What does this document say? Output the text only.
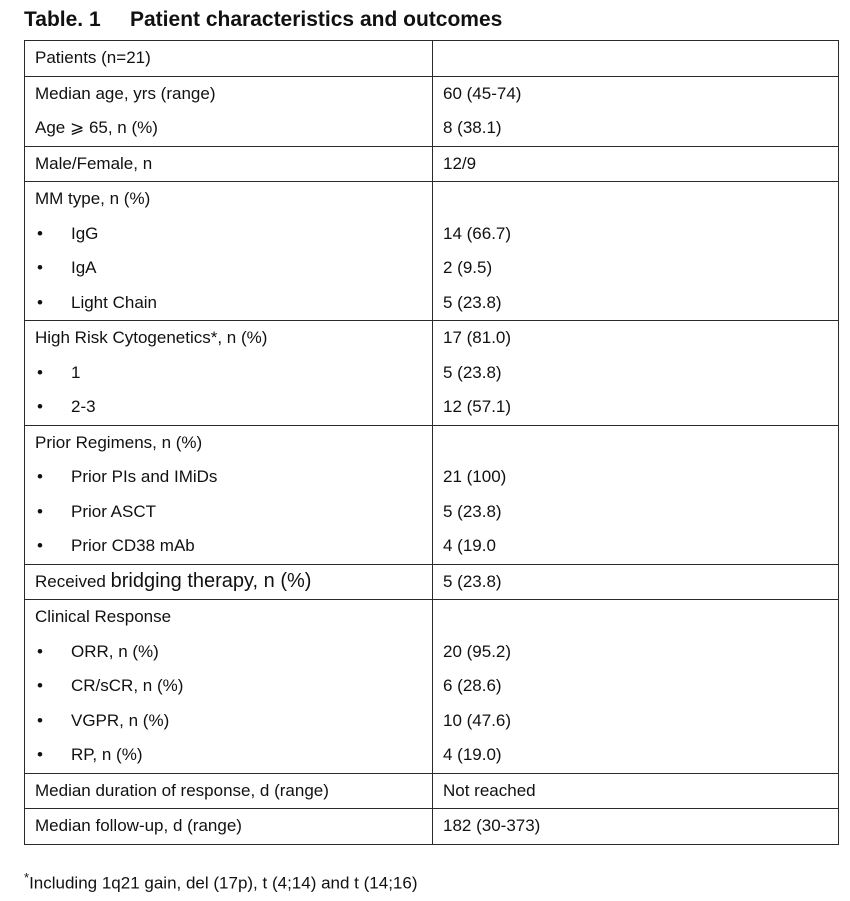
Table. 1 Patient characteristics and outcomes
Patients (n=21)	
Median age, yrs (range)	60 (45-74)
Age ⩾ 65, n (%)	8 (38.1)
Male/Female, n	12/9
MM type, n (%)	
• IgG	14 (66.7)
• IgA	2 (9.5)
• Light Chain	5 (23.8)
High Risk Cytogenetics*, n (%)	17 (81.0)
• 1	5 (23.8)
• 2-3	12 (57.1)
Prior Regimens, n (%)	
• Prior PIs and IMiDs	21 (100)
• Prior ASCT	5 (23.8)
• Prior CD38 mAb	4 (19.0
Received bridging therapy, n (%)	5 (23.8)
Clinical Response	
• ORR, n (%)	20 (95.2)
• CR/sCR, n (%)	6 (28.6)
• VGPR, n (%)	10 (47.6)
• RP, n (%)	4 (19.0)
Median duration of response, d (range)	Not reached
Median follow-up, d (range)	182 (30-373)
*Including 1q21 gain, del (17p), t (4;14) and t (14;16)
